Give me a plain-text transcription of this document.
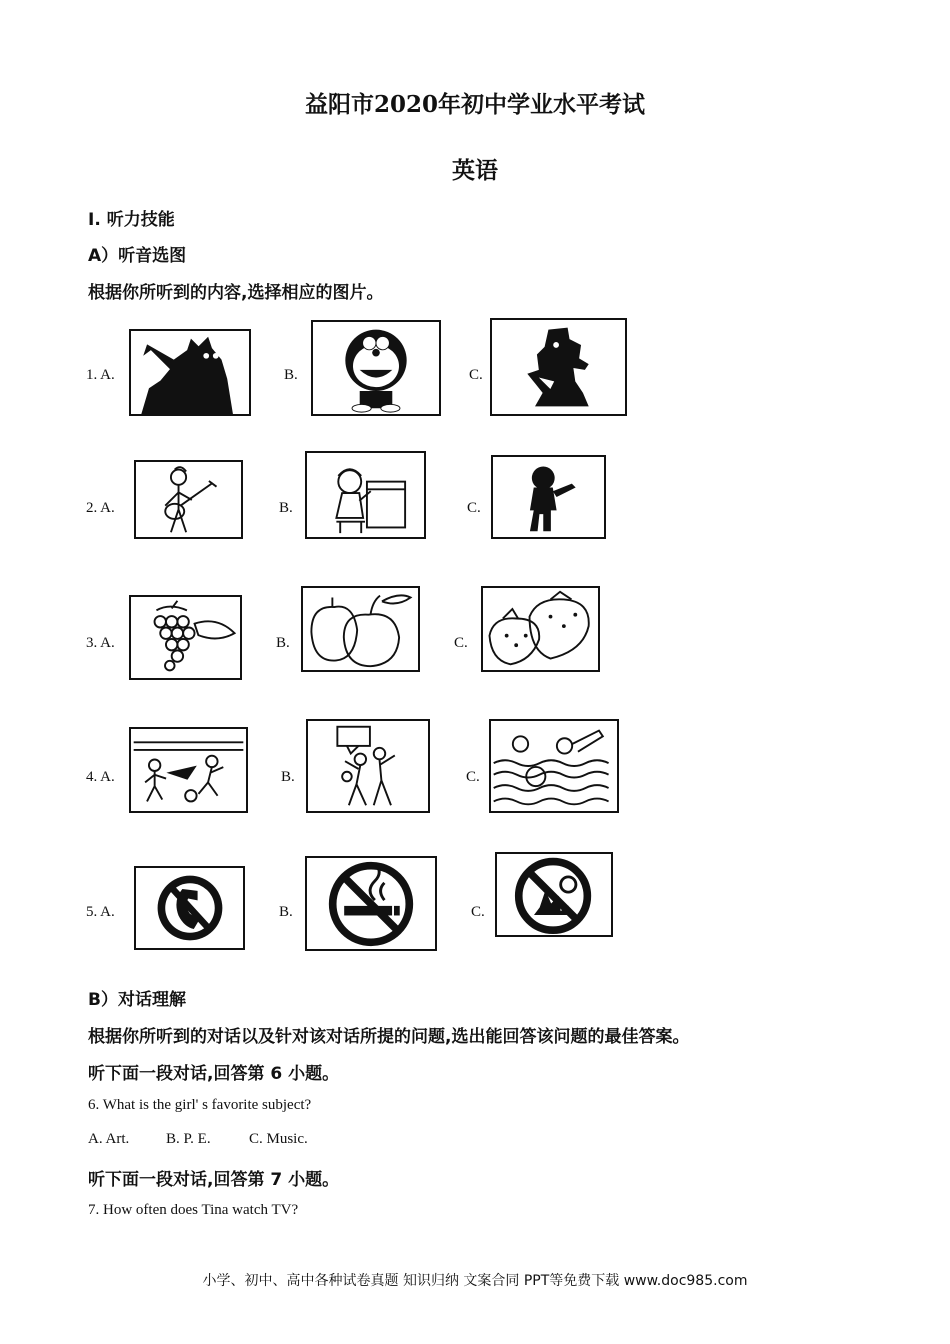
益阳市2020年初中学业水平考试
英语
Ⅰ. 听力技能
A）听音选图
根据你所听到的内容,选择相应的图片。
1. A.	B.	C.
2. A.	B.	C.
3. A.	B.	C.
4. A.	B.	C.
5. A.	B.	C.
B）对话理解
根据你所听到的对话以及针对该对话所提的问题,选出能回答该问题的最佳答案。
听下面一段对话,回答第 6 小题。
6. What is the girl' s favorite subject?
A. Art. B. P. E.	C. Music.
听下面一段对话,回答第 7 小题。
7. How often does Tina watch TV?
小学、初中、高中各种试卷真题 知识归纳 文案合同 PPT等免费下载 www.doc985.com
